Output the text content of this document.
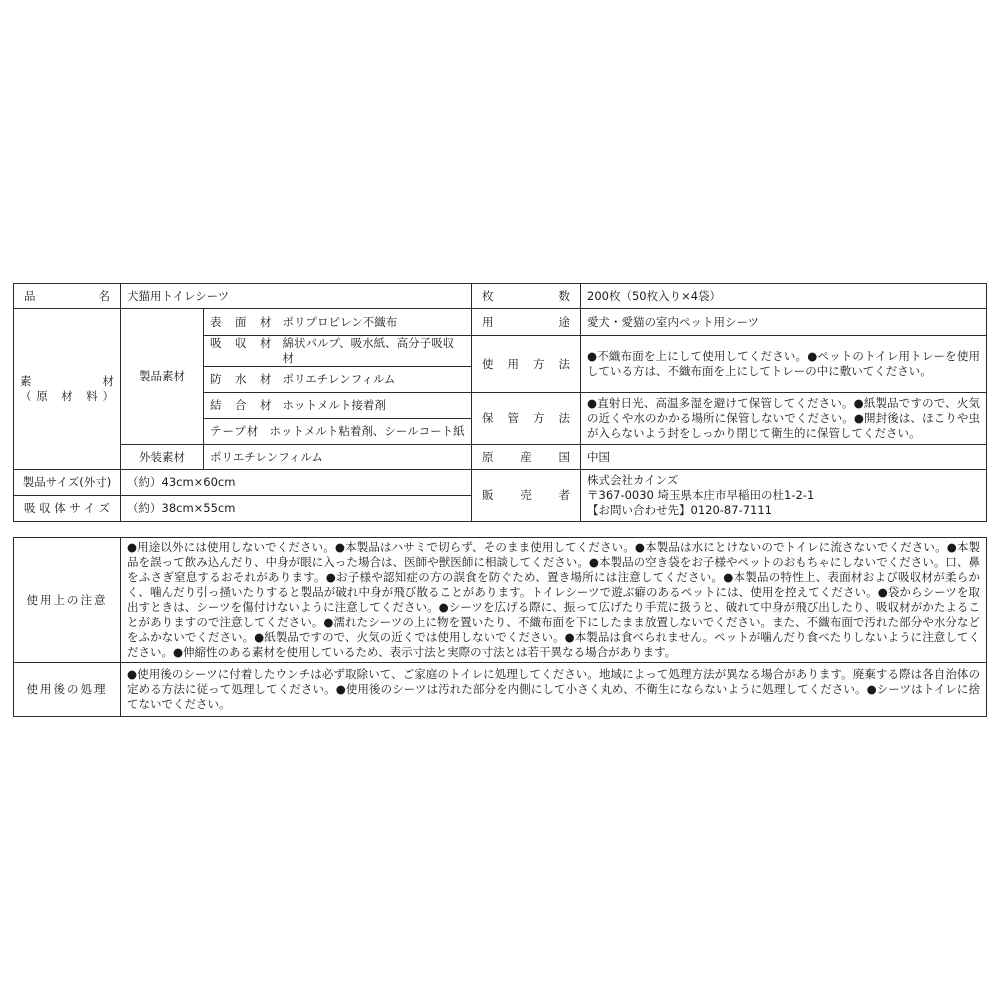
品　　　名	犬猫用トイレシーツ		枚　　　数	200枚（50枚入り×4袋）

素　　　材
（原 材 料）	製品素材	表　面　材 ポリプロピレン不織布	用　　　途	愛犬・愛猫の室内ペット用シーツ

		吸　収　材 綿状パルプ、吸水紙、高分子吸収材	使　用　方　法	●不織布面を上にして使用してください。●ペットのトイレ用トレーを使用している方は、不織布面を上にしてトレーの中に敷いてください。

		防　水　材 ポリエチレンフィルム		

		結　合　材 ホットメルト接着剤	保　管　方　法	●直射日光、高温多湿を避けて保管してください。●紙製品ですので、火気の近くや水のかかる場所に保管しないでください。●開封後は、ほこりや虫が入らないよう封をしっかり閉じて衛生的に保管してください。

		テープ材 ホットメルト粘着剤、シールコート紙		

	外装素材	ポリエチレンフィルム	原　産　国	中国
製品サイズ(外寸)	（約）43cm×60cm		販　売　者	株式会社カインズ
〒367-0030 埼玉県本庄市早稲田の杜1-2-1
【お問い合わせ先】0120-87-7111

吸収体サイズ	（約）38cm×55cm			
使用上の注意	●用途以外には使用しないでください。●本製品はハサミで切らず、そのまま使用してください。●本製品は水にとけないのでトイレに流さないでください。●本製品を誤って飲み込んだり、中身が眼に入った場合は、医師や獣医師に相談してください。●本製品の空き袋をお子様やペットのおもちゃにしないでください。口、鼻をふさぎ窒息するおそれがあります。●お子様や認知症の方の誤食を防ぐため、置き場所には注意してください。●本製品の特性上、表面材および吸収材が柔らかく、噛んだり引っ掻いたりすると製品が破れ中身が飛び散ることがあります。トイレシーツで遊ぶ癖のあるペットには、使用を控えてください。●袋からシーツを取出すときは、シーツを傷付けないように注意してください。●シーツを広げる際に、振って広げたり手荒に扱うと、破れて中身が飛び出したり、吸収材がかたよることがありますので注意してください。●濡れたシーツの上に物を置いたり、不織布面を下にしたまま放置しないでください。また、不織布面で汚れた部分や水分などをふかないでください。●紙製品ですので、火気の近くでは使用しないでください。●本製品は食べられません。ペットが噛んだり食べたりしないように注意してください。●伸縮性のある素材を使用しているため、表示寸法と実際の寸法とは若干異なる場合があります。
使用後の処理	●使用後のシーツに付着したウンチは必ず取除いて、ご家庭のトイレに処理してください。地域によって処理方法が異なる場合があります。廃棄する際は各自治体の定める方法に従って処理してください。●使用後のシーツは汚れた部分を内側にして小さく丸め、不衛生にならないように処理してください。●シーツはトイレに捨てないでください。
